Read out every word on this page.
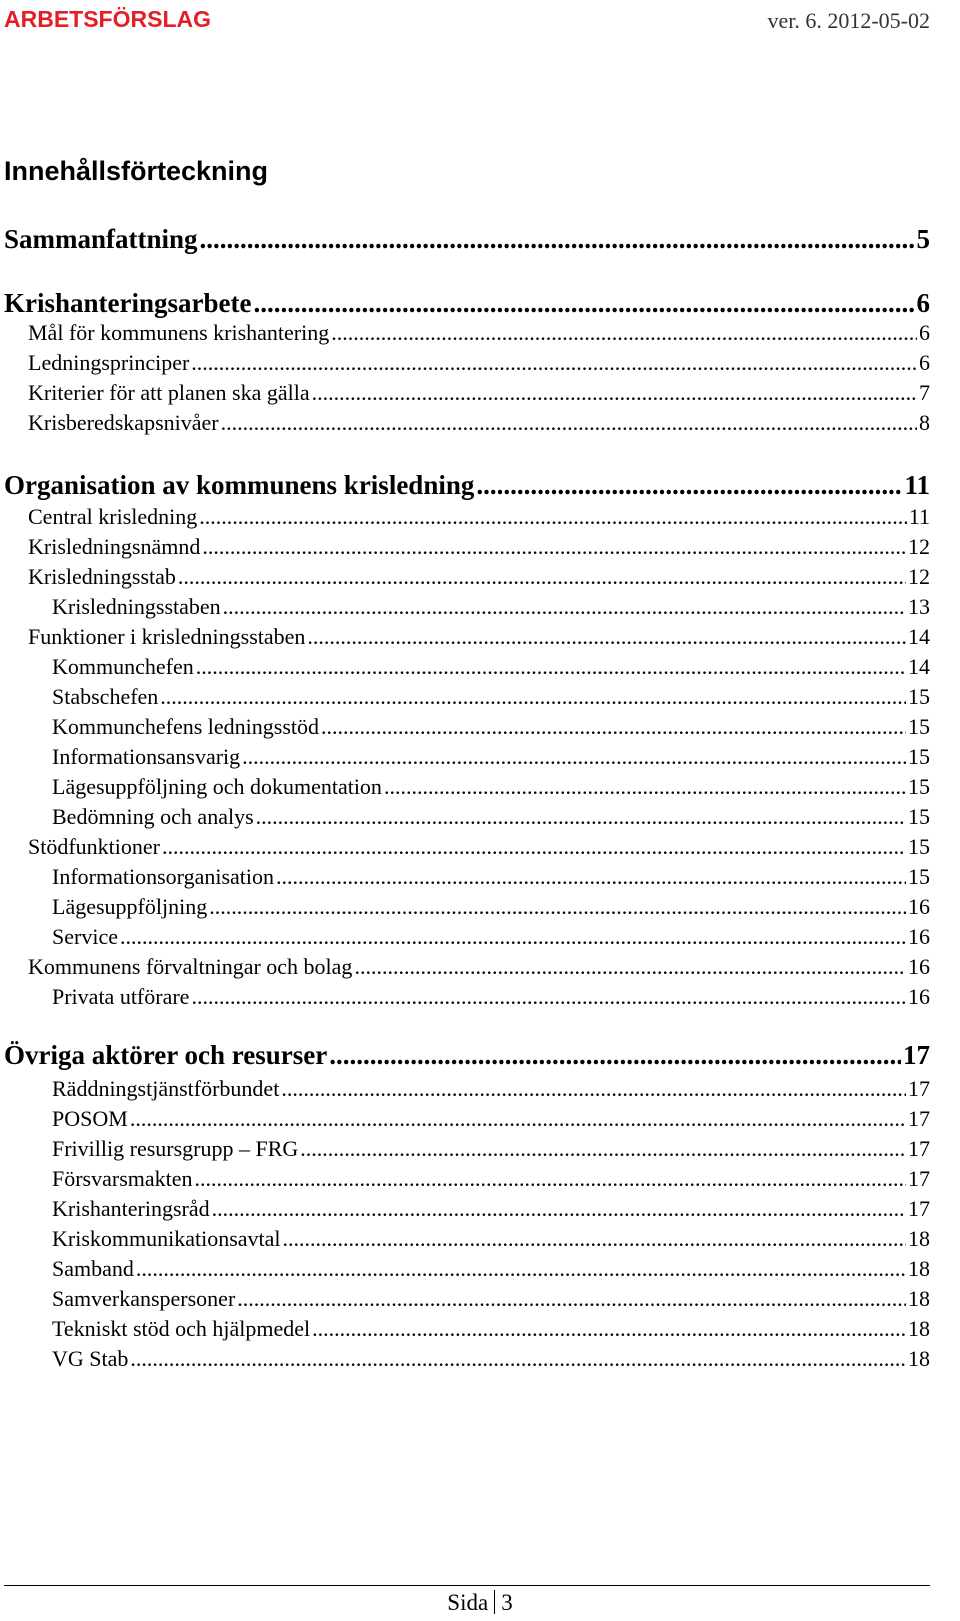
ARBETSFÖRSLAG	ver. 6. 2012-05-02
Innehållsförteckning
Sammanfattning .....	5
Krishanteringsarbete .....	6
Mål för kommunens krishantering .....	6
Ledningsprinciper .....	6
Kriterier för att planen ska gälla .....	7
Krisberedskapsnivåer .....	8
Organisation av kommunens krisledning .....	11
Central krisledning .....	11
Krisledningsnämnd .....	12
Krisledningsstab .....	12
Krisledningsstaben .....	13
Funktioner i krisledningsstaben .....	14
Kommunchefen .....	14
Stabschefen .....	15
Kommunchefens ledningsstöd .....	15
Informationsansvarig .....	15
Lägesuppföljning och dokumentation .....	15
Bedömning och analys .....	15
Stödfunktioner .....	15
Informationsorganisation .....	15
Lägesuppföljning .....	16
Service .....	16
Kommunens förvaltningar och bolag .....	16
Privata utförare .....	16
Övriga aktörer och resurser .....	17
Räddningstjänstförbundet .....	17
POSOM .....	17
Frivillig resursgrupp – FRG .....	17
Försvarsmakten .....	17
Krishanteringsråd .....	17
Kriskommunikationsavtal .....	18
Samband .....	18
Samverkanspersoner .....	18
Tekniskt stöd och hjälpmedel .....	18
VG Stab .....	18
Sida 3
